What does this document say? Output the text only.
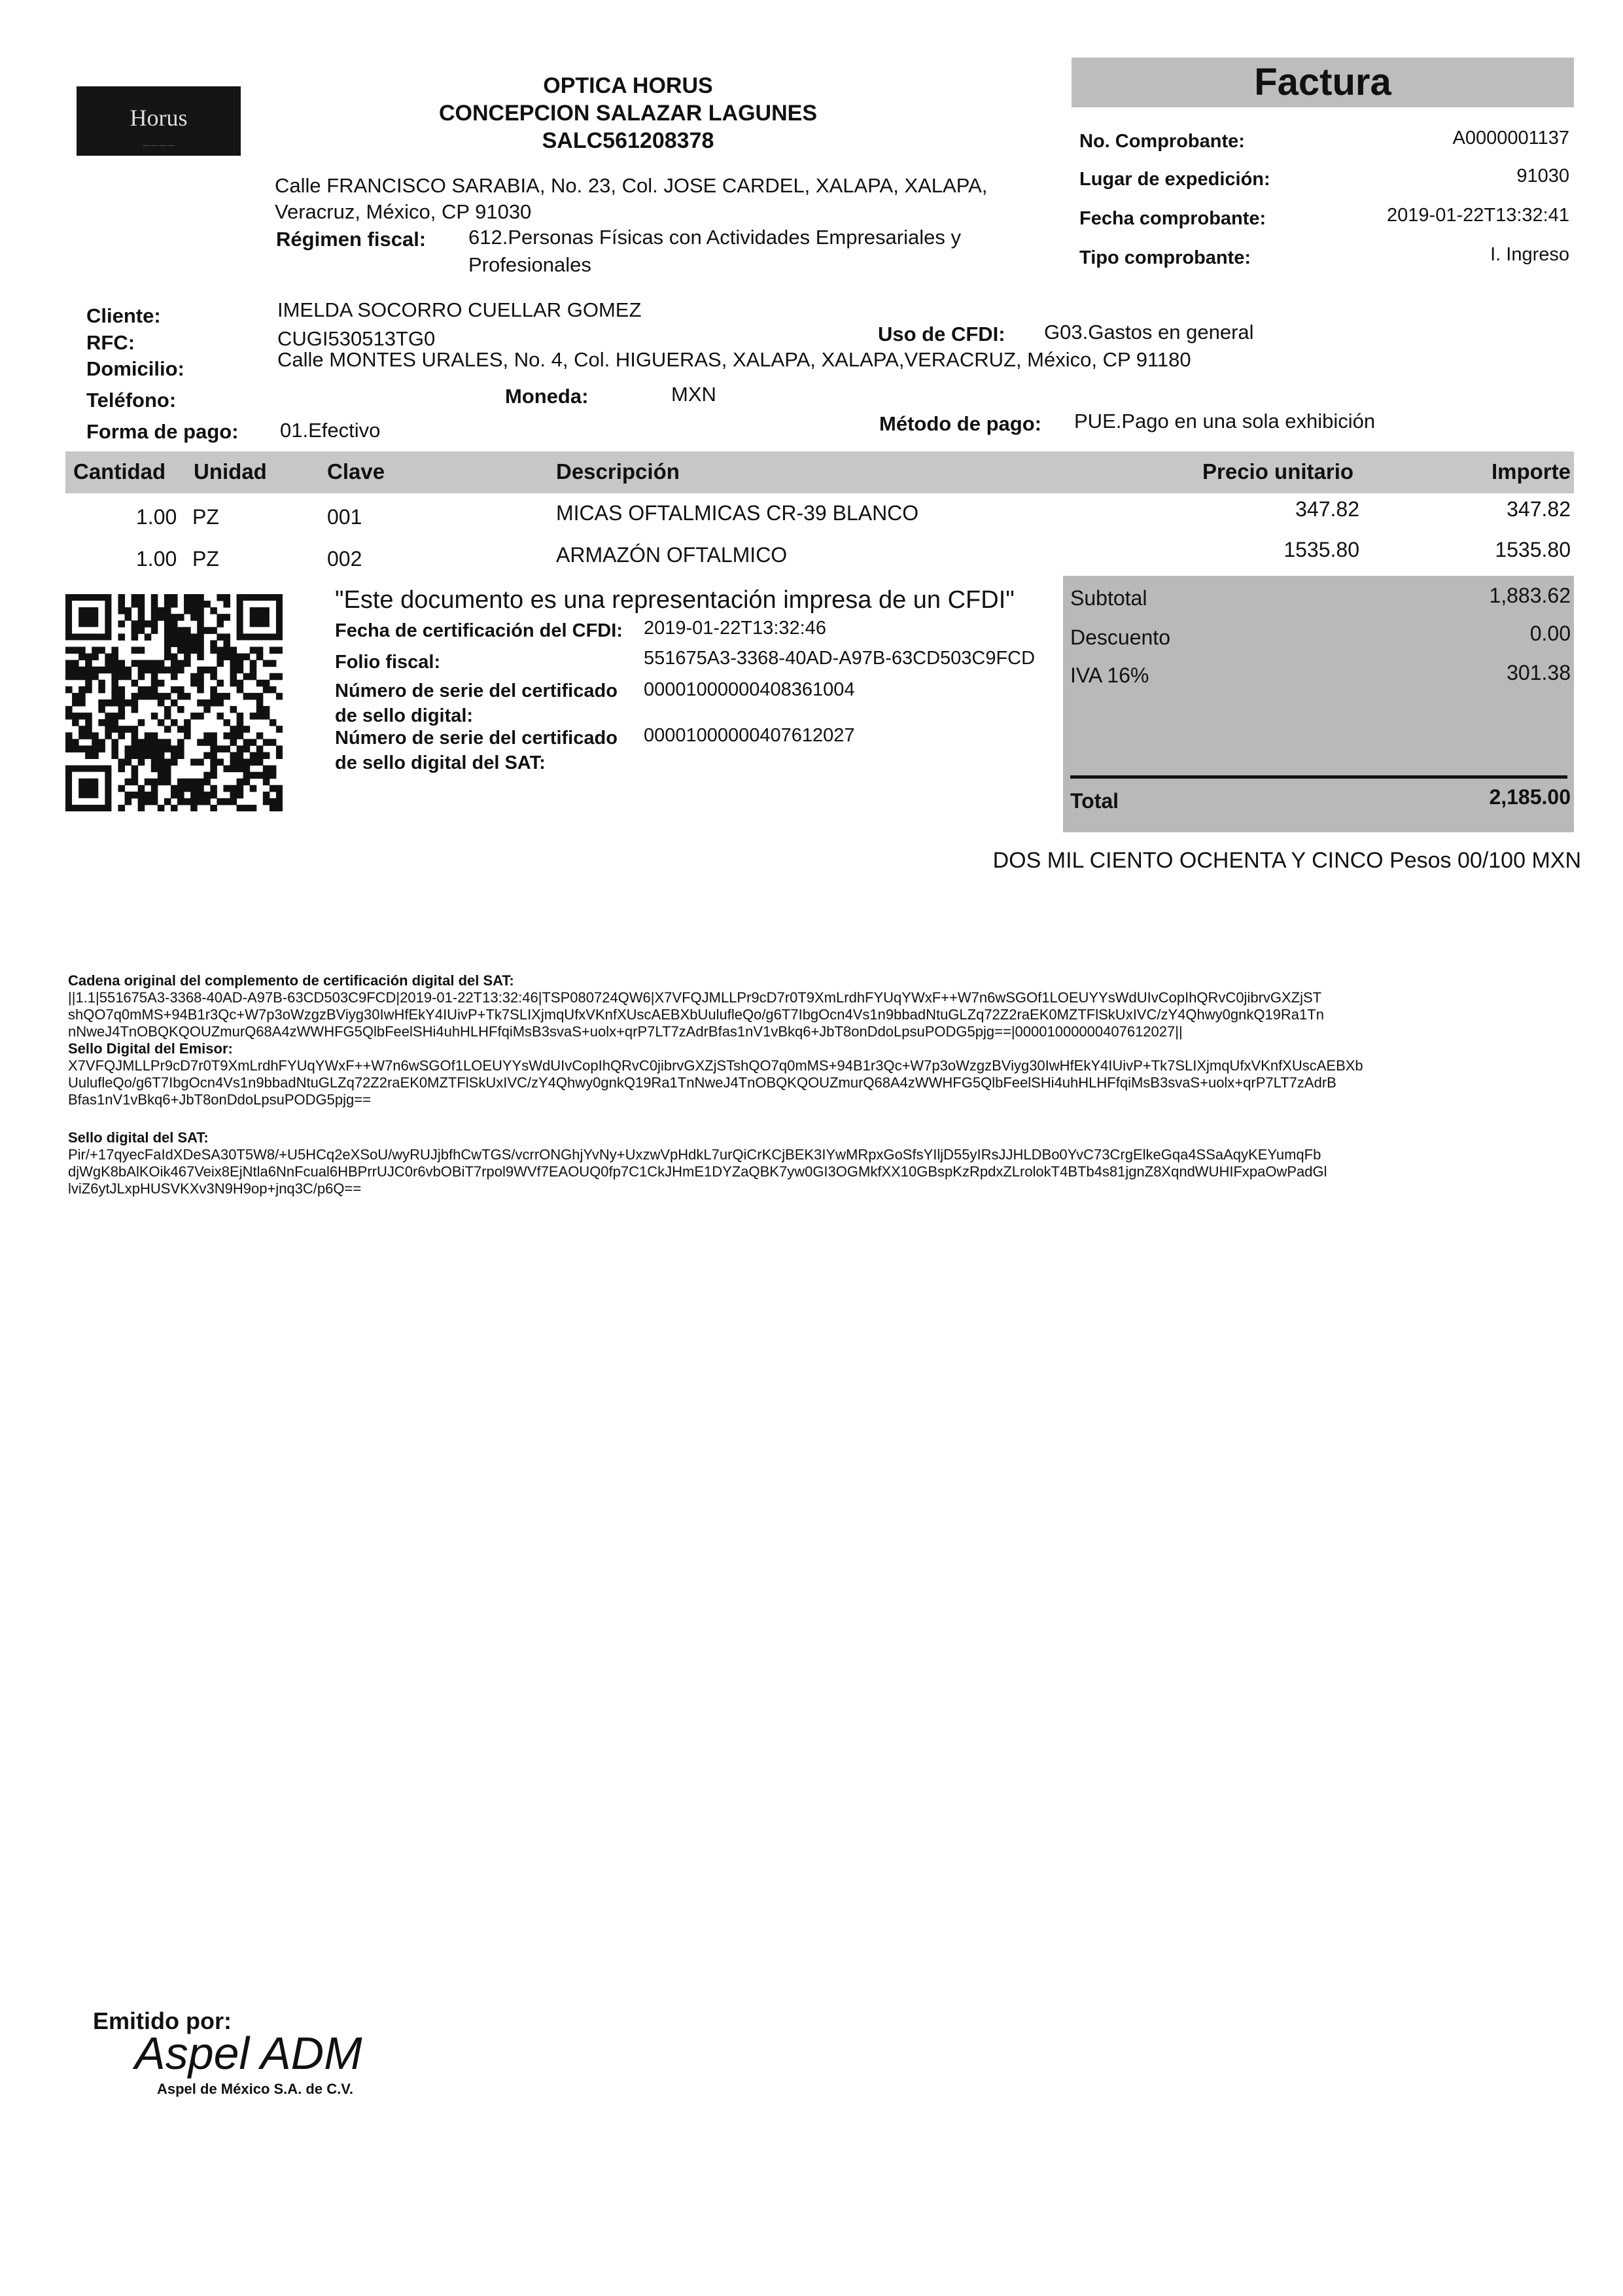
Horus
— — — —
OPTICA HORUS
CONCEPCION SALAZAR LAGUNES
SALC561208378
Calle FRANCISCO SARABIA, No. 23, Col. JOSE CARDEL, XALAPA, XALAPA,
Veracruz, México, CP 91030
Régimen fiscal: 612.Personas Físicas con Actividades Empresariales y
Profesionales
Factura
No. Comprobante:	A0000001137
Lugar de expedición:	91030
Fecha comprobante:	2019-01-22T13:32:41
Tipo comprobante:	I. Ingreso
Cliente:	IMELDA SOCORRO CUELLAR GOMEZ
RFC:	CUGI530513TG0	Uso de CFDI: G03.Gastos en general
Domicilio:	Calle MONTES URALES, No. 4, Col. HIGUERAS, XALAPA, XALAPA,VERACRUZ, México, CP 91180
Teléfono:	Moneda:	MXN
Forma de pago: 01.Efectivo	Método de pago: PUE.Pago en una sola exhibición
Cantidad Unidad	Clave	Descripción	Precio unitario	Importe
1.00 PZ	001	MICAS OFTALMICAS CR-39 BLANCO	347.82	347.82
1.00 PZ	002	ARMAZÓN OFTALMICO	1535.80	1535.80
"Este documento es una representación impresa de un CFDI"
Fecha de certificación del CFDI: 2019-01-22T13:32:46
Folio fiscal:	551675A3-3368-40AD-A97B-63CD503C9FCD
Número de serie del certificado
de sello digital:
00001000000408361004
Número de serie del certificado
de sello digital del SAT:
00001000000407612027
Subtotal	1,883.62
Descuento	0.00
IVA 16%	301.38
Total	2,185.00
DOS MIL CIENTO OCHENTA Y CINCO Pesos 00/100 MXN
Cadena original del complemento de certificación digital del SAT:
||1.1|551675A3-3368-40AD-A97B-63CD503C9FCD|2019-01-22T13:32:46|TSP080724QW6|X7VFQJMLLPr9cD7r0T9XmLrdhFYUqYWxF++W7n6wSGOf1LOEUYYsWdUIvCopIhQRvC0jibrvGXZjST
shQO7q0mMS+94B1r3Qc+W7p3oWzgzBViyg30IwHfEkY4IUivP+Tk7SLIXjmqUfxVKnfXUscAEBXbUulufleQo/g6T7IbgOcn4Vs1n9bbadNtuGLZq72Z2raEK0MZTFlSkUxIVC/zY4Qhwy0gnkQ19Ra1Tn
nNweJ4TnOBQKQOUZmurQ68A4zWWHFG5QlbFeelSHi4uhHLHFfqiMsB3svaS+uolx+qrP7LT7zAdrBfas1nV1vBkq6+JbT8onDdoLpsuPODG5pjg==|00001000000407612027||
Sello Digital del Emisor:
X7VFQJMLLPr9cD7r0T9XmLrdhFYUqYWxF++W7n6wSGOf1LOEUYYsWdUIvCopIhQRvC0jibrvGXZjSTshQO7q0mMS+94B1r3Qc+W7p3oWzgzBViyg30IwHfEkY4IUivP+Tk7SLIXjmqUfxVKnfXUscAEBXb
UulufleQo/g6T7IbgOcn4Vs1n9bbadNtuGLZq72Z2raEK0MZTFlSkUxIVC/zY4Qhwy0gnkQ19Ra1TnNweJ4TnOBQKQOUZmurQ68A4zWWHFG5QlbFeelSHi4uhHLHFfqiMsB3svaS+uolx+qrP7LT7zAdrB
Bfas1nV1vBkq6+JbT8onDdoLpsuPODG5pjg==
Sello digital del SAT:
Pir/+17qyecFaIdXDeSA30T5W8/+U5HCq2eXSoU/wyRUJjbfhCwTGS/vcrrONGhjYvNy+UxzwVpHdkL7urQiCrKCjBEK3IYwMRpxGoSfsYIljD55yIRsJJHLDBo0YvC73CrgElkeGqa4SSaAqyKEYumqFb
djWgK8bAlKOik467Veix8EjNtla6NnFcual6HBPrrUJC0r6vbOBiT7rpol9WVf7EAOUQ0fp7C1CkJHmE1DYZaQBK7yw0GI3OGMkfXX10GBspKzRpdxZLrolokT4BTb4s81jgnZ8XqndWUHIFxpaOwPadGl
lviZ6ytJLxpHUSVKXv3N9H9op+jnq3C/p6Q==
Emitido por:
Aspel ADM
Aspel de México S.A. de C.V.
